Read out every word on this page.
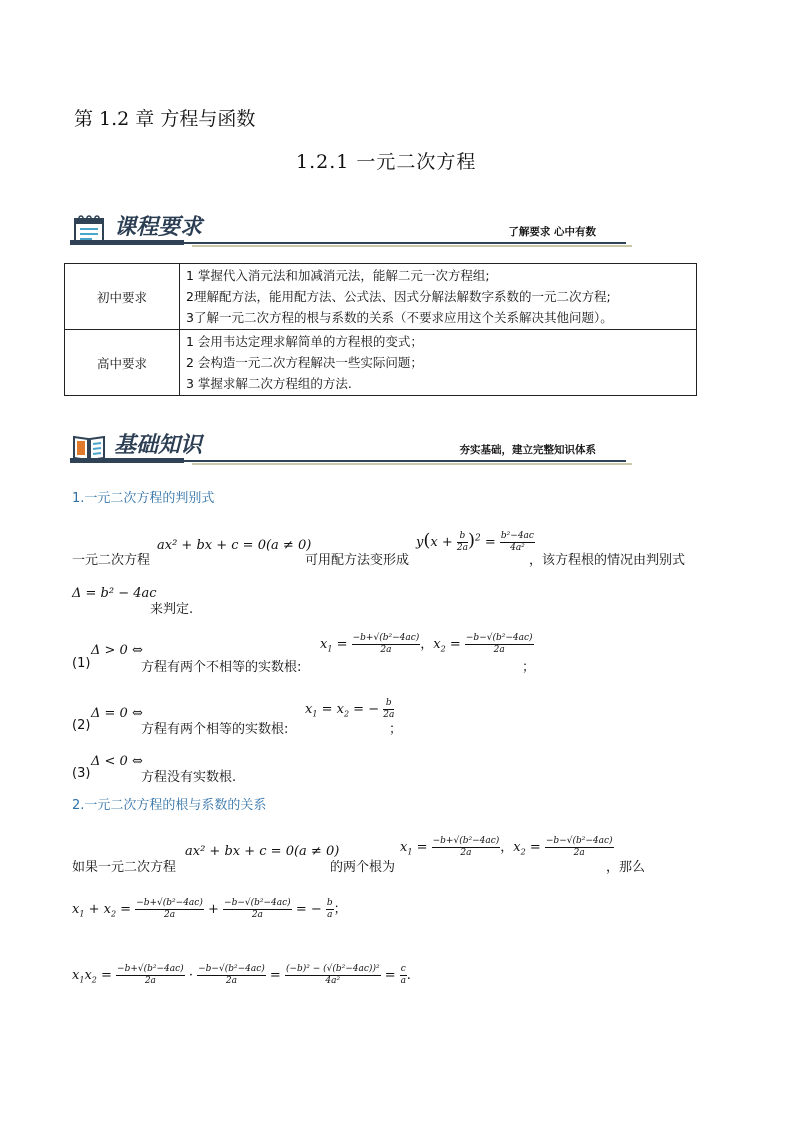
第 1.2 章 方程与函数
1.2.1 一元二次方程
课程要求	了解要求 心中有数
初中要求	1 掌握代入消元法和加减消元法，能解二元一次方程组;
2理解配方法，能用配方法、公式法、因式分解法解数字系数的一元二次方程;
3了解一元二次方程的根与系数的关系（不要求应用这个关系解决其他问题）。

高中要求	1 会用韦达定理求解简单的方程根的变式；
2 会构造一元二次方程解决一些实际问题；
3 掌握求解二次方程组的方法.
基础知识	夯实基础，建立完整知识体系
1.一元二次方程的判别式
一元二次方程
ax² + bx + c = 0(a ≠ 0)
可用配方法变形成
$y(x + \frac{b}{2a} )^2 = \frac{\text{b²−4ac}}{\text{4a²}}$
，该方程根的情况由判别式
Δ = b² − 4ac
来判定.
(1)
Δ > 0 ⇔
方程有两个不相等的实数根:
$x_1 = \frac{\text{−b+√(b²−4ac)}}{2a}$ ，$x_2 = \frac{\text{−b−√(b²−4ac)}}{2a}$
；
(2)
Δ = 0 ⇔
方程有两个相等的实数根:
$x_1 = x_2$ = − $\frac{b}{2a}$
；
(3)
Δ < 0 ⇔
方程没有实数根.
2.一元二次方程的根与系数的关系
如果一元二次方程
ax² + bx + c = 0(a ≠ 0)
的两个根为
$x_1 = \frac{\text{−b+√(b²−4ac)}}{2a}$ ，$x_2 = \frac{\text{−b−√(b²−4ac)}}{2a}$
，那么
$x_1 + x_2 = \frac{\text{−b+√(b²−4ac)}}{2a} + \frac{\text{−b−√(b²−4ac)}}{2a}$ = − $\frac{b}{a}$ ；
$x_1x_2 = \frac{\text{−b+√(b²−4ac)}}{2a} \cdot \frac{\text{−b−√(b²−4ac)}}{2a} = \frac{\text{(−b)² − (√(b²−4ac))²}}{\text{4a²}} = \frac{c}{a}$ .
